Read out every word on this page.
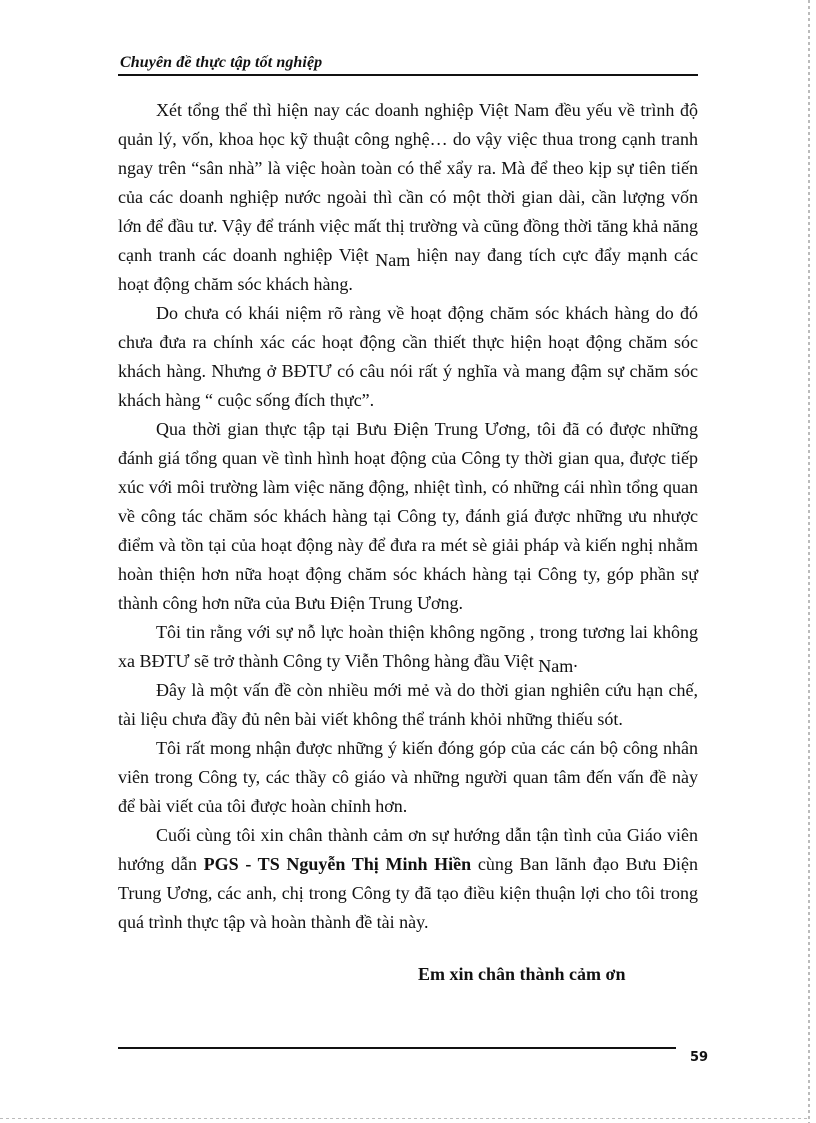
Chuyên đề thực tập tốt nghiệp

Xét tổng thể thì hiện nay các doanh nghiệp Việt Nam đều yếu về trình độ quản lý, vốn, khoa học kỹ thuật công nghệ… do vậy việc thua trong cạnh tranh ngay trên “sân nhà” là việc hoàn toàn có thể xẩy ra. Mà để theo kịp sự tiên tiến của các doanh nghiệp nước ngoài thì cần có một thời gian dài, cần lượng vốn lớn để đầu tư. Vậy để tránh việc mất thị trường và cũng đồng thời tăng khả năng cạnh tranh các doanh nghiệp Việt Nam hiện nay đang tích cực đẩy mạnh các hoạt động chăm sóc khách hàng.

Do chưa có khái niệm rõ ràng về hoạt động chăm sóc khách hàng do đó chưa đưa ra chính xác các hoạt động cần thiết thực hiện hoạt động chăm sóc khách hàng. Nhưng ở BĐTƯ có câu nói rất ý nghĩa và mang đậm sự chăm sóc khách hàng “ cuộc sống đích thực”.

Qua thời gian thực tập tại Bưu Điện Trung Ương, tôi đã có được những đánh giá tổng quan về tình hình hoạt động của Công ty thời gian qua, được tiếp xúc với môi trường làm việc năng động, nhiệt tình, có những cái nhìn tổng quan về công tác chăm sóc khách hàng tại Công ty, đánh giá được những ưu nhược điểm và tồn tại của hoạt động này để đưa ra mét sè giải pháp và kiến nghị nhằm hoàn thiện hơn nữa hoạt động chăm sóc khách hàng tại Công ty, góp phần sự thành công hơn nữa của Bưu Điện Trung Ương.

Tôi tin rằng với sự nỗ lực hoàn thiện không ngõng , trong tương lai không xa BĐTƯ sẽ trở thành Công ty Viễn Thông hàng đầu Việt Nam.

Đây là một vấn đề còn nhiều mới mẻ và do thời gian nghiên cứu hạn chế, tài liệu chưa đầy đủ nên bài viết không thể tránh khỏi những thiếu sót.

Tôi rất mong nhận được những ý kiến đóng góp của các cán bộ công nhân viên trong Công ty, các thầy cô giáo và những người quan tâm đến vấn đề này để bài viết của tôi được hoàn chỉnh hơn.

Cuối cùng tôi xin chân thành cảm ơn sự hướng dẫn tận tình của Giáo viên hướng dẫn PGS - TS Nguyễn Thị Minh Hiền cùng Ban lãnh đạo Bưu Điện Trung Ương, các anh, chị trong Công ty đã tạo điều kiện thuận lợi cho tôi trong quá trình thực tập và hoàn thành đề tài này.

Em xin chân thành cảm ơn
59
